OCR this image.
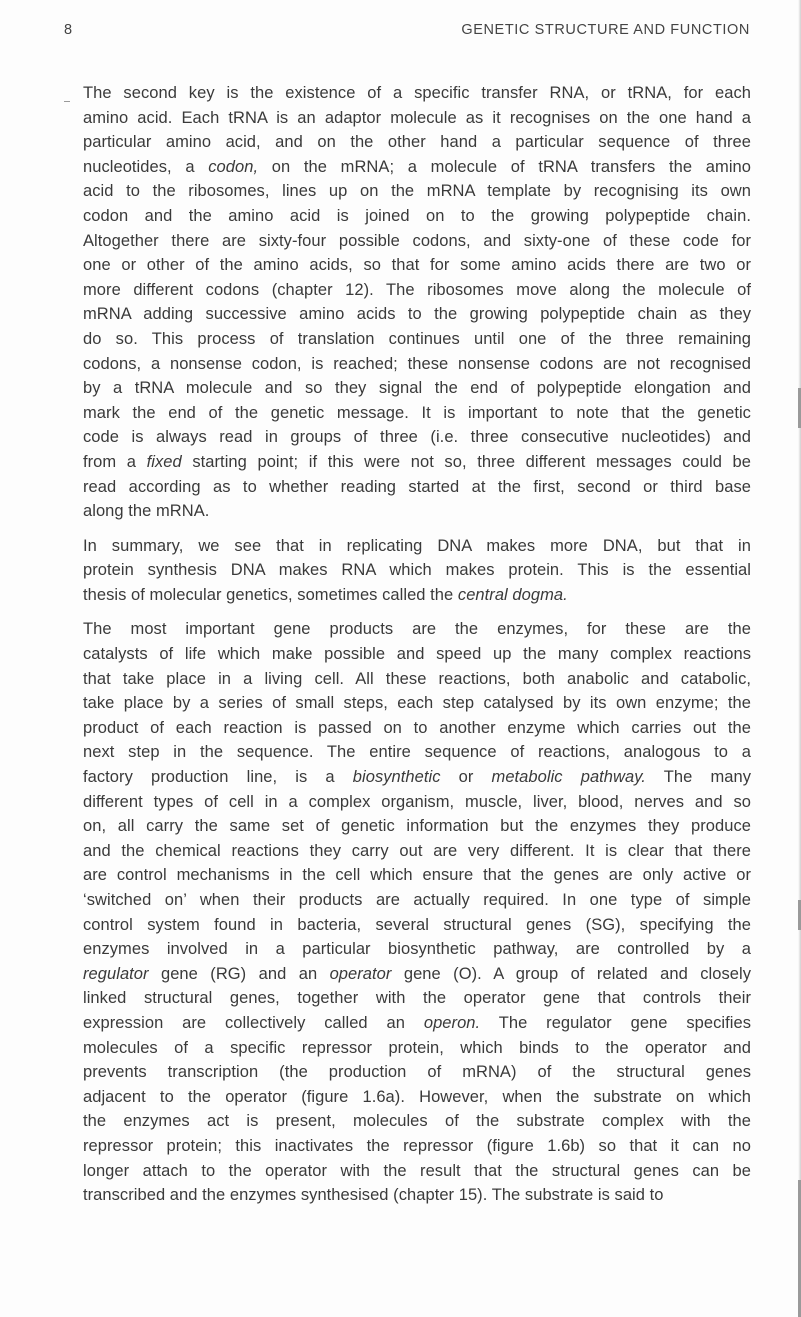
8	GENETIC STRUCTURE AND FUNCTION

The second key is the existence of a specific transfer RNA, or tRNA, for each
amino acid. Each tRNA is an adaptor molecule as it recognises on the one hand a
particular amino acid, and on the other hand a particular sequence of three
nucleotides, a codon, on the mRNA; a molecule of tRNA transfers the amino
acid to the ribosomes, lines up on the mRNA template by recognising its own
codon and the amino acid is joined on to the growing polypeptide chain.
Altogether there are sixty-four possible codons, and sixty-one of these code for
one or other of the amino acids, so that for some amino acids there are two or
more different codons (chapter 12). The ribosomes move along the molecule of
mRNA adding successive amino acids to the growing polypeptide chain as they
do so. This process of translation continues until one of the three remaining
codons, a nonsense codon, is reached; these nonsense codons are not recognised
by a tRNA molecule and so they signal the end of polypeptide elongation and
mark the end of the genetic message. It is important to note that the genetic
code is always read in groups of three (i.e. three consecutive nucleotides) and
from a fixed starting point; if this were not so, three different messages could be
read according as to whether reading started at the first, second or third base
along the mRNA.

In summary, we see that in replicating DNA makes more DNA, but that in
protein synthesis DNA makes RNA which makes protein. This is the essential
thesis of molecular genetics, sometimes called the central dogma.

The most important gene products are the enzymes, for these are the
catalysts of life which make possible and speed up the many complex reactions
that take place in a living cell. All these reactions, both anabolic and catabolic,
take place by a series of small steps, each step catalysed by its own enzyme; the
product of each reaction is passed on to another enzyme which carries out the
next step in the sequence. The entire sequence of reactions, analogous to a
factory production line, is a biosynthetic or metabolic pathway. The many
different types of cell in a complex organism, muscle, liver, blood, nerves and so
on, all carry the same set of genetic information but the enzymes they produce
and the chemical reactions they carry out are very different. It is clear that there
are control mechanisms in the cell which ensure that the genes are only active or
‘switched on’ when their products are actually required. In one type of simple
control system found in bacteria, several structural genes (SG), specifying the
enzymes involved in a particular biosynthetic pathway, are controlled by a
regulator gene (RG) and an operator gene (O). A group of related and closely
linked structural genes, together with the operator gene that controls their
expression are collectively called an operon. The regulator gene specifies
molecules of a specific repressor protein, which binds to the operator and
prevents transcription (the production of mRNA) of the structural genes
adjacent to the operator (figure 1.6a). However, when the substrate on which
the enzymes act is present, molecules of the substrate complex with the
repressor protein; this inactivates the repressor (figure 1.6b) so that it can no
longer attach to the operator with the result that the structural genes can be
transcribed and the enzymes synthesised (chapter 15). The substrate is said to
